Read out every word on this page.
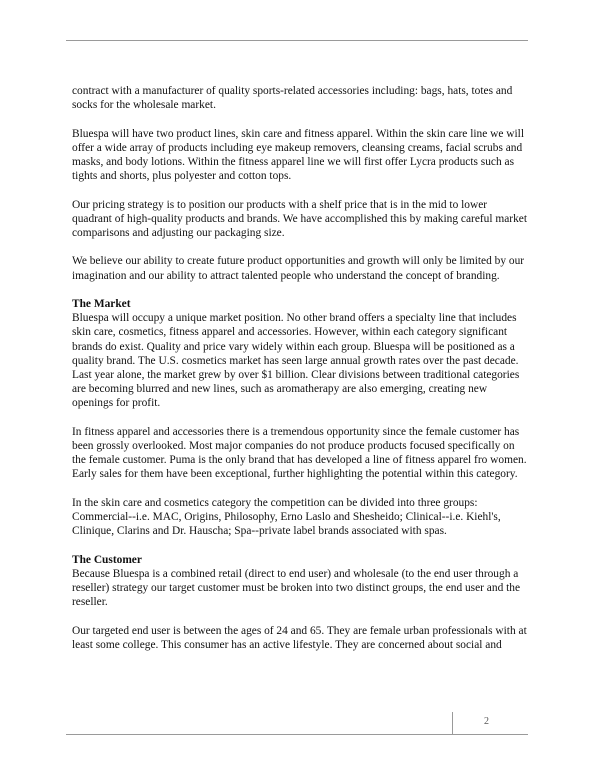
contract with a manufacturer of quality sports-related accessories including: bags, hats, totes and socks for the wholesale market.

Bluespa will have two product lines, skin care and fitness apparel. Within the skin care line we will offer a wide array of products including eye makeup removers, cleansing creams, facial scrubs and masks, and body lotions. Within the fitness apparel line we will first offer Lycra products such as tights and shorts, plus polyester and cotton tops.

Our pricing strategy is to position our products with a shelf price that is in the mid to lower quadrant of high-quality products and brands. We have accomplished this by making careful market comparisons and adjusting our packaging size.

We believe our ability to create future product opportunities and growth will only be limited by our imagination and our ability to attract talented people who understand the concept of branding.

The Market

Bluespa will occupy a unique market position. No other brand offers a specialty line that includes skin care, cosmetics, fitness apparel and accessories. However, within each category significant brands do exist. Quality and price vary widely within each group. Bluespa will be positioned as a quality brand. The U.S. cosmetics market has seen large annual growth rates over the past decade. Last year alone, the market grew by over $1 billion. Clear divisions between traditional categories are becoming blurred and new lines, such as aromatherapy are also emerging, creating new openings for profit.

In fitness apparel and accessories there is a tremendous opportunity since the female customer has been grossly overlooked. Most major companies do not produce products focused specifically on the female customer. Puma is the only brand that has developed a line of fitness apparel fro women. Early sales for them have been exceptional, further highlighting the potential within this category.

In the skin care and cosmetics category the competition can be divided into three groups: Commercial--i.e. MAC, Origins, Philosophy, Erno Laslo and Shesheido; Clinical--i.e. Kiehl's, Clinique, Clarins and Dr. Hauscha; Spa--private label brands associated with spas.

The Customer

Because Bluespa is a combined retail (direct to end user) and wholesale (to the end user through a reseller) strategy our target customer must be broken into two distinct groups, the end user and the reseller.

Our targeted end user is between the ages of 24 and 65. They are female urban professionals with at least some college. This consumer has an active lifestyle. They are concerned about social and

2
